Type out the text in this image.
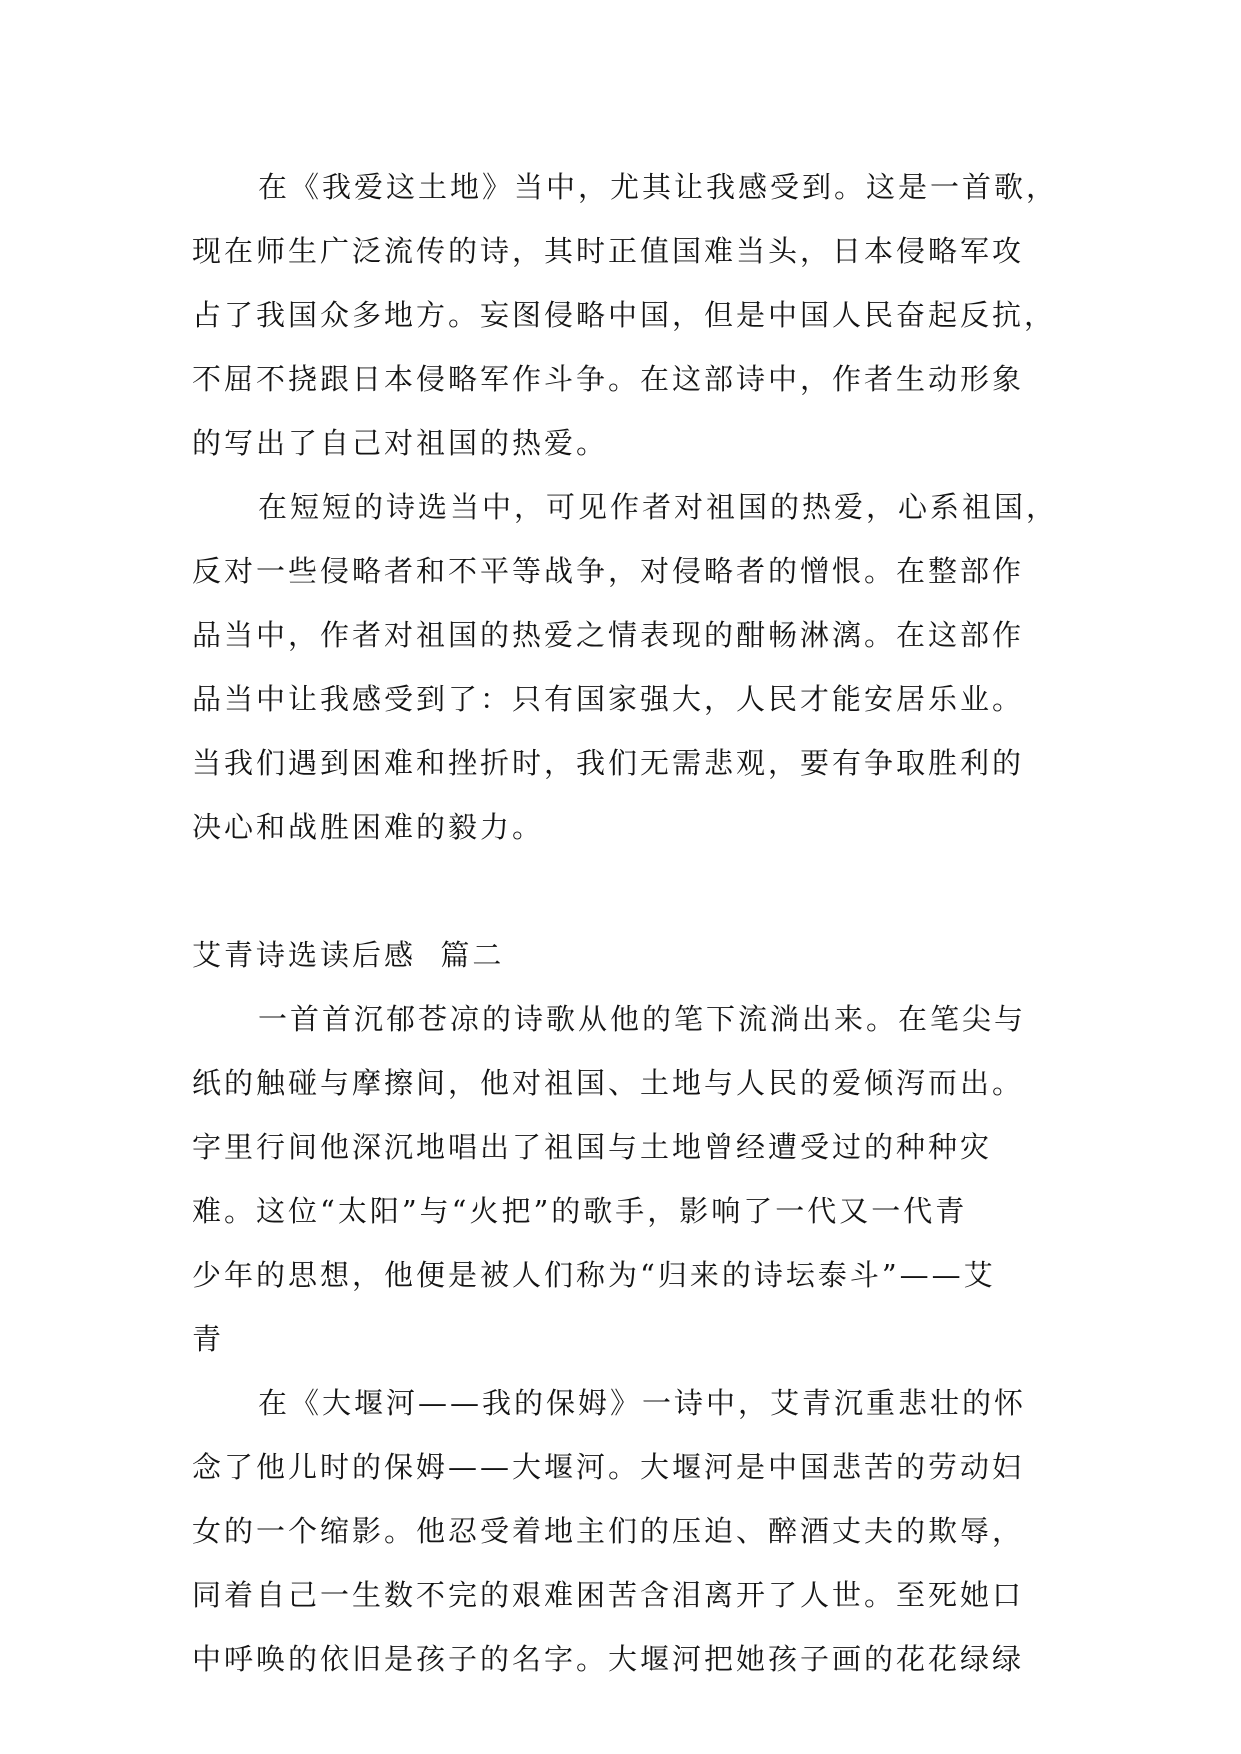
在《我爱这土地》当中，尤其让我感受到。这是一首歌，
现在师生广泛流传的诗，其时正值国难当头，日本侵略军攻
占了我国众多地方。妄图侵略中国，但是中国人民奋起反抗，
不屈不挠跟日本侵略军作斗争。在这部诗中，作者生动形象
的写出了自己对祖国的热爱。
在短短的诗选当中，可见作者对祖国的热爱，心系祖国，
反对一些侵略者和不平等战争，对侵略者的憎恨。在整部作
品当中，作者对祖国的热爱之情表现的酣畅淋漓。在这部作
品当中让我感受到了：只有国家强大，人民才能安居乐业。
当我们遇到困难和挫折时，我们无需悲观，要有争取胜利的
决心和战胜困难的毅力。
艾青诗选读后感  篇二
一首首沉郁苍凉的诗歌从他的笔下流淌出来。在笔尖与
纸的触碰与摩擦间，他对祖国、土地与人民的爱倾泻而出。
字里行间他深沉地唱出了祖国与土地曾经遭受过的种种灾
难。这位“太阳”与“火把”的歌手，影响了一代又一代青
少年的思想，他便是被人们称为“归来的诗坛泰斗”——艾
青
在《大堰河——我的保姆》一诗中，艾青沉重悲壮的怀
念了他儿时的保姆——大堰河。大堰河是中国悲苦的劳动妇
女的一个缩影。他忍受着地主们的压迫、醉酒丈夫的欺辱，
同着自己一生数不完的艰难困苦含泪离开了人世。至死她口
中呼唤的依旧是孩子的名字。大堰河把她孩子画的花花绿绿
